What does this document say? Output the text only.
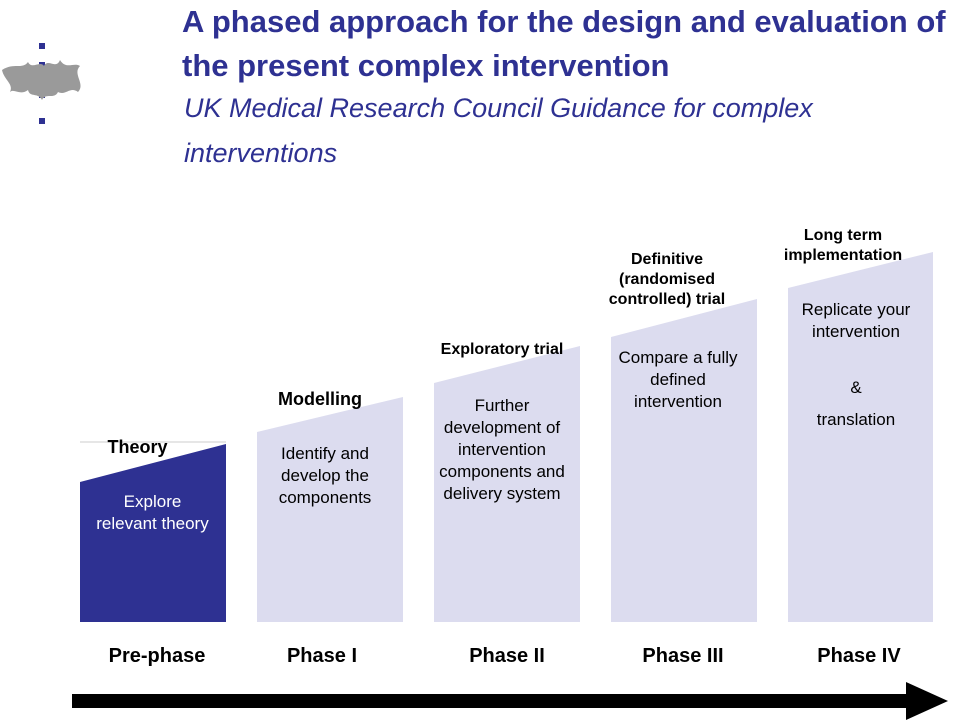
A phased approach for the design and evaluation of the present complex intervention
UK Medical Research Council Guidance for complex interventions
Theory
Explore relevant theory
Modelling
Identify and develop the components
Exploratory trial
Further development of intervention components and delivery system
Definitive (randomised controlled) trial
Compare a fully defined intervention
Long term implementation
Replicate your intervention
&
translation
Pre-phase	Phase I	Phase II	Phase III	Phase IV
